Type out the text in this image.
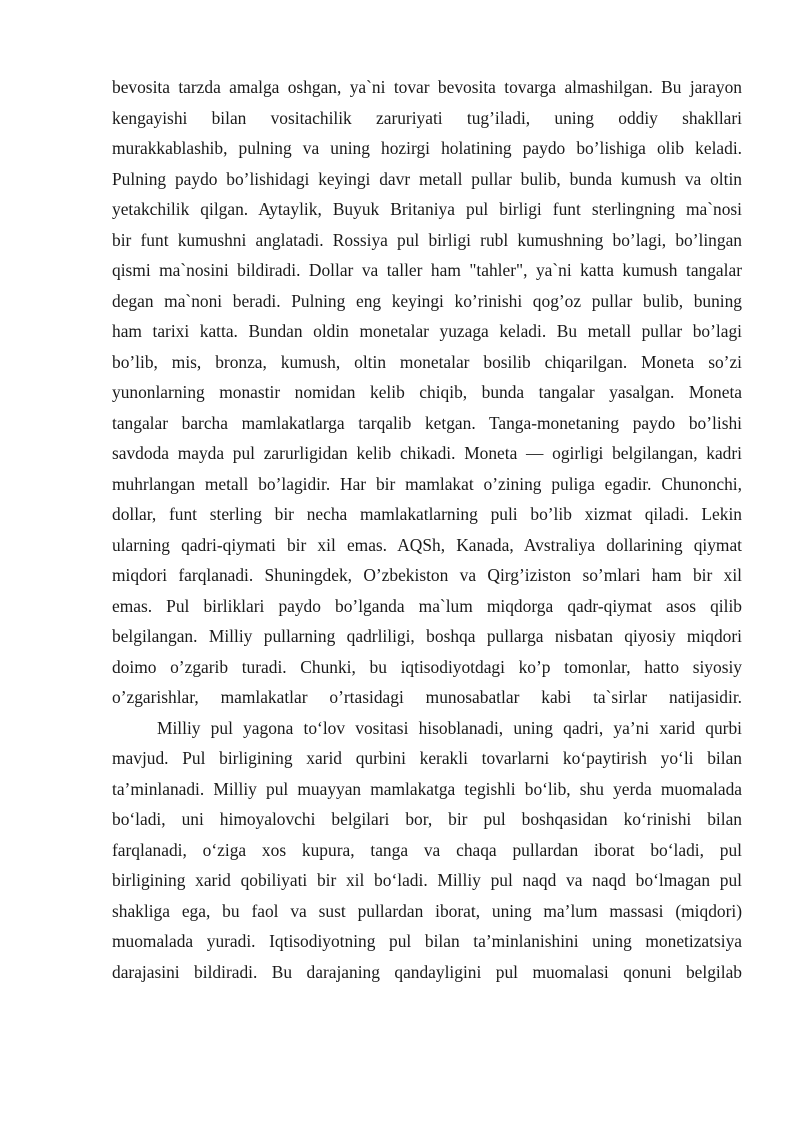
bevosita tarzda amalga oshgan, ya`ni tovar bevosita tovarga almashilgan. Bu jarayon
kengayishi bilan vositachilik zaruriyati tug’iladi, uning oddiy shakllari
murakkablashib, pulning va uning hozirgi holatining paydo bo’lishiga olib keladi.
Pulning paydo bo’lishidagi keyingi davr metall pullar bulib, bunda kumush va oltin
yetakchilik qilgan. Aytaylik, Buyuk Britaniya pul birligi funt sterlingning ma`nosi
bir funt kumushni anglatadi. Rossiya pul birligi rubl kumushning bo’lagi, bo’lingan
qismi ma`nosini bildiradi. Dollar va taller ham "tahler", ya`ni katta kumush tangalar
degan ma`noni beradi. Pulning eng keyingi ko’rinishi qog’oz pullar bulib, buning
ham tarixi katta. Bundan oldin monetalar yuzaga keladi. Bu metall pullar bo’lagi
bo’lib, mis, bronza, kumush, oltin monetalar bosilib chiqarilgan. Moneta so’zi
yunonlarning monastir nomidan kelib chiqib, bunda tangalar yasalgan. Moneta
tangalar barcha mamlakatlarga tarqalib ketgan. Tanga-monetaning paydo bo’lishi
savdoda mayda pul zarurligidan kelib chikadi. Moneta — ogirligi belgilangan, kadri
muhrlangan metall bo’lagidir. Har bir mamlakat o’zining puliga egadir. Chunonchi,
dollar, funt sterling bir necha mamlakatlarning puli bo’lib xizmat qiladi. Lekin
ularning qadri-qiymati bir xil emas. AQSh, Kanada, Avstraliya dollarining qiymat
miqdori farqlanadi. Shuningdek, O’zbekiston va Qirg’iziston so’mlari ham bir xil
emas. Pul birliklari paydo bo’lganda ma`lum miqdorga qadr-qiymat asos qilib
belgilangan. Milliy pullarning qadrliligi, boshqa pullarga nisbatan qiyosiy miqdori
doimo o’zgarib turadi. Chunki, bu iqtisodiyotdagi ko’p tomonlar, hatto siyosiy
o’zgarishlar, mamlakatlar o’rtasidagi munosabatlar kabi ta`sirlar natijasidir.
Milliy pul yagona to‘lov vositasi hisoblanadi, uning qadri, ya’ni xarid qurbi
mavjud. Pul birligining xarid qurbini kerakli tovarlarni ko‘paytirish yo‘li bilan
ta’minlanadi. Milliy pul muayyan mamlakatga tegishli bo‘lib, shu yerda muomalada
bo‘ladi, uni himoyalovchi belgilari bor, bir pul boshqasidan ko‘rinishi bilan
farqlanadi, o‘ziga xos kupura, tanga va chaqa pullardan iborat bo‘ladi, pul
birligining xarid qobiliyati bir xil bo‘ladi. Milliy pul naqd va naqd bo‘lmagan pul
shakliga ega, bu faol va sust pullardan iborat, uning ma’lum massasi (miqdori)
muomalada yuradi. Iqtisodiyotning pul bilan ta’minlanishini uning monetizatsiya
darajasini bildiradi. Bu darajaning qandayligini pul muomalasi qonuni belgilab
